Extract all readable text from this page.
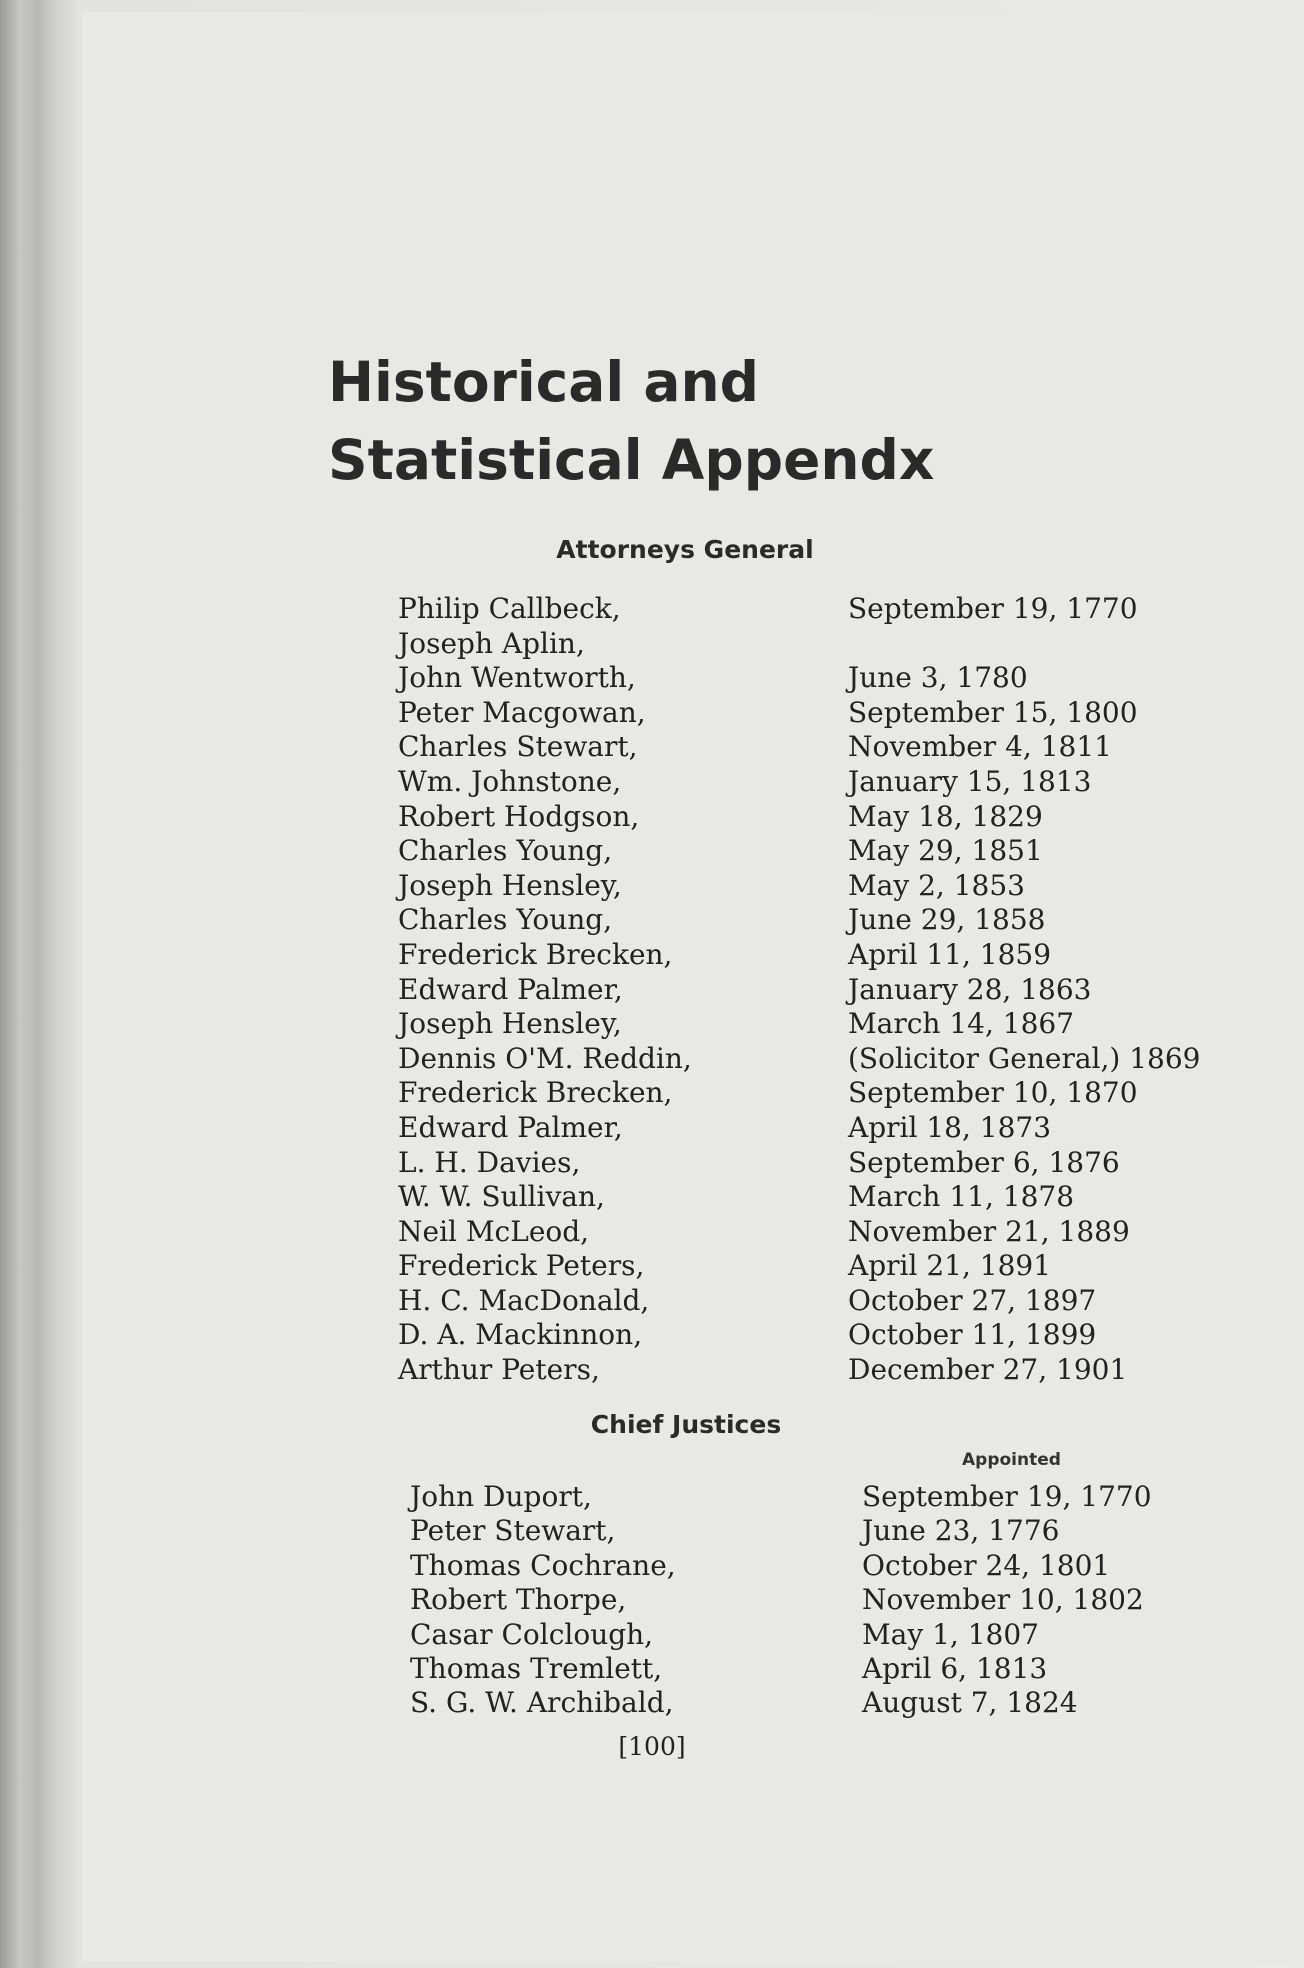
Historical and
Statistical Appendx
Attorneys General
Philip Callbeck,	September 19, 1770
Joseph Aplin,
John Wentworth,	June 3, 1780
Peter Macgowan,	September 15, 1800
Charles Stewart,	November 4, 1811
Wm. Johnstone,	January 15, 1813
Robert Hodgson,	May 18, 1829
Charles Young,	May 29, 1851
Joseph Hensley,	May 2, 1853
Charles Young,	June 29, 1858
Frederick Brecken,	April 11, 1859
Edward Palmer,	January 28, 1863
Joseph Hensley,	March 14, 1867
Dennis O'M. Reddin,	(Solicitor General,) 1869
Frederick Brecken,	September 10, 1870
Edward Palmer,	April 18, 1873
L. H. Davies,	September 6, 1876
W. W. Sullivan,	March 11, 1878
Neil McLeod,	November 21, 1889
Frederick Peters,	April 21, 1891
H. C. MacDonald,	October 27, 1897
D. A. Mackinnon,	October 11, 1899
Arthur Peters,	December 27, 1901
Chief Justices
Appointed
John Duport,	September 19, 1770
Peter Stewart,	June 23, 1776
Thomas Cochrane,	October 24, 1801
Robert Thorpe,	November 10, 1802
Casar Colclough,	May 1, 1807
Thomas Tremlett,	April 6, 1813
S. G. W. Archibald,	August 7, 1824
[100]
